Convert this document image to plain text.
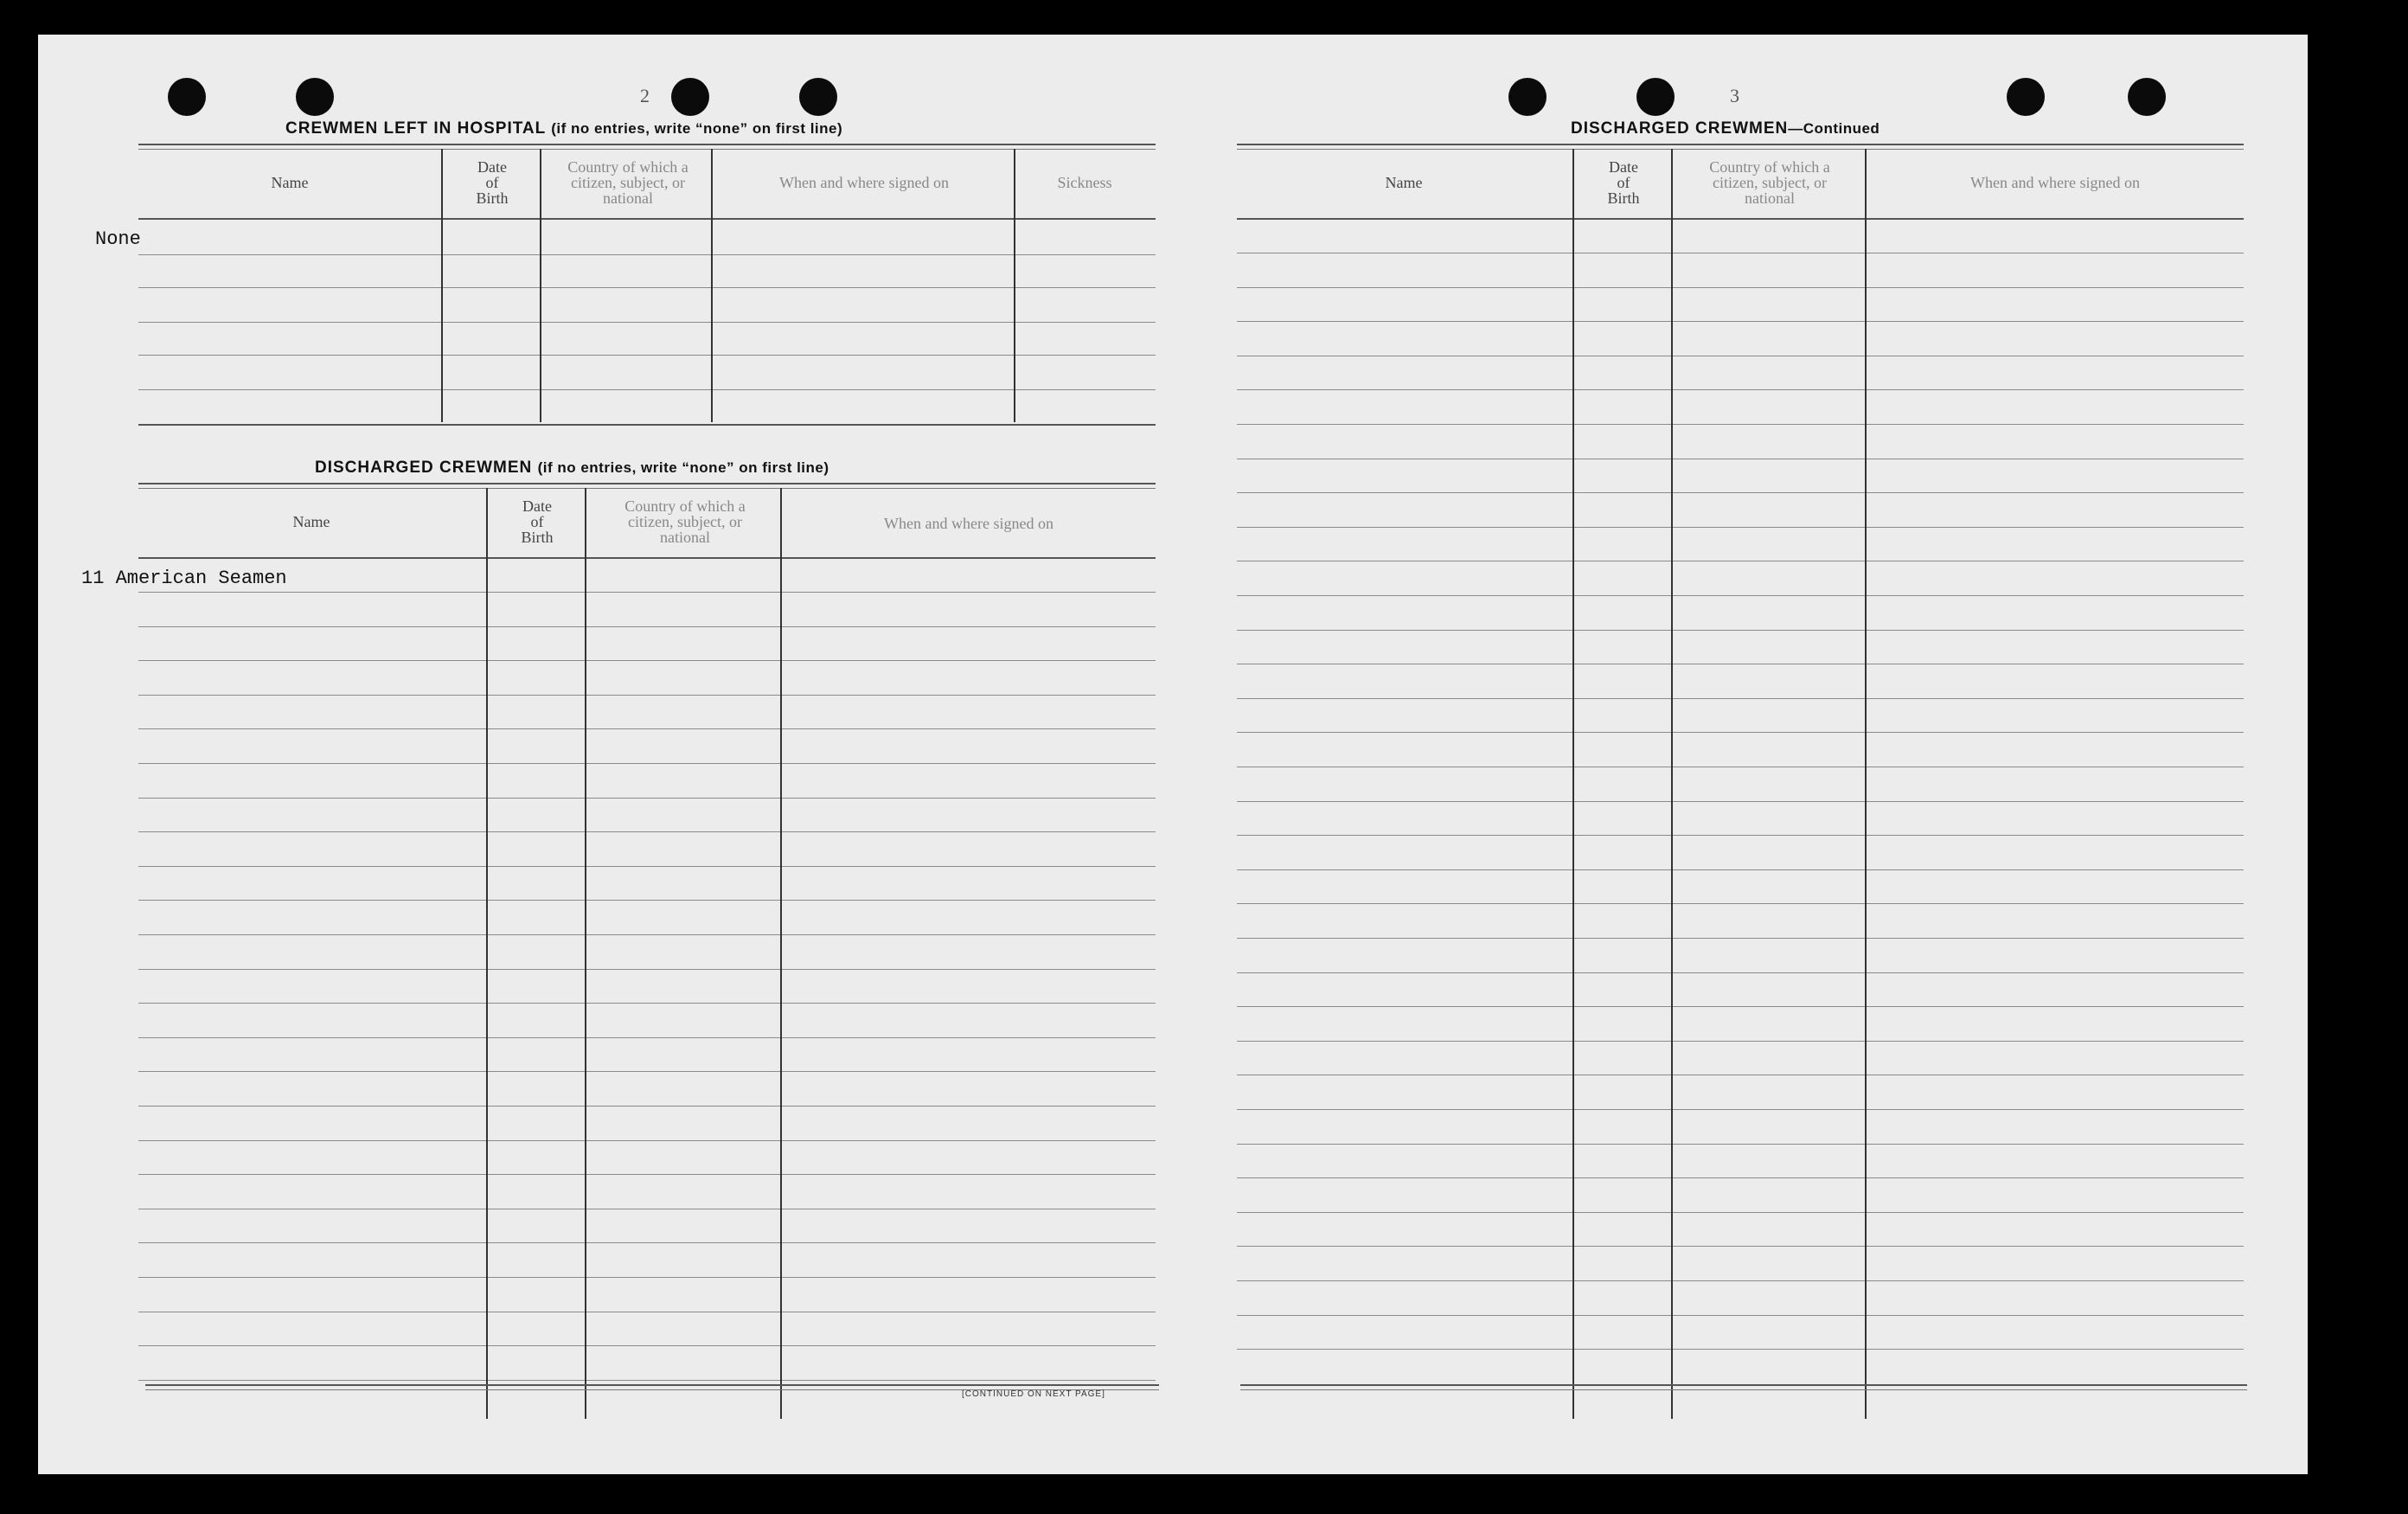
2
CREWMEN LEFT IN HOSPITAL (if no entries, write “none” on first line)
Name
Date
of
Birth
Country of which a
citizen, subject, or
national
When and where signed on	Sickness
None
DISCHARGED CREWMEN (if no entries, write “none” on first line)
Name
Date
of
Birth
Country of which a
citizen, subject, or
national
When and where signed on
11 American Seamen
[CONTINUED ON NEXT PAGE]
3
DISCHARGED CREWMEN—Continued
Name
Date
of
Birth
Country of which a
citizen, subject, or
national
When and where signed on
